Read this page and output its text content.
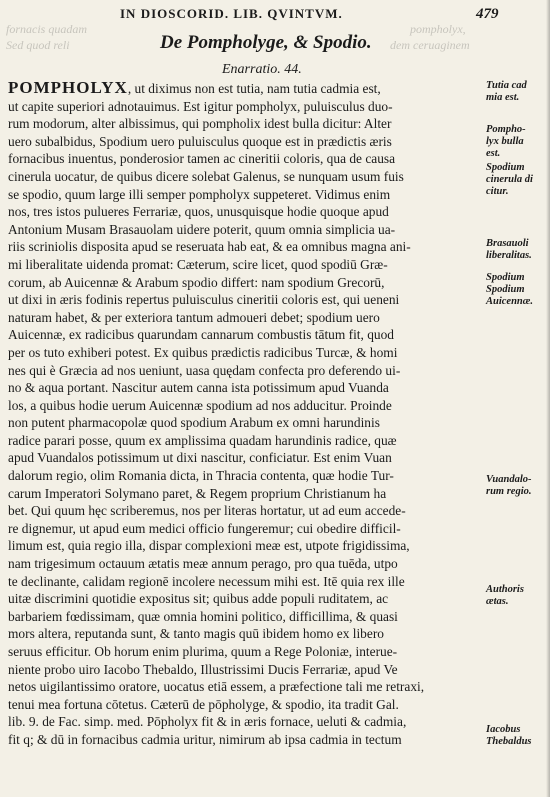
fornacis quadam
Sed quod reli
pompholyx,
dem ceruaginem
IN DIOSCORID. LIB. QVINTVM.	479
De Pompholyge, & Spodio.
Enarratio. 44.
POMPHOLYX, ut diximus non est tutia, nam tutia cadmia est,
ut capite superiori adnotauimus. Est igitur pompholyx, puluisculus duo-
rum modorum, alter albissimus, qui pompholix idest bulla dicitur: Alter
uero subalbidus, Spodium uero puluisculus quoque est in prædictis æris
fornacibus inuentus, ponderosior tamen ac cineritii coloris, qua de causa
cinerula uocatur, de quibus dicere solebat Galenus, se nunquam usum fuis
se spodio, quum large illi semper pompholyx suppeteret. Vidimus enim
nos, tres istos pulueres Ferrariæ, quos, unusquisque hodie quoque apud
Antonium Musam Brasauolam uidere poterit, quum omnia simplicia ua-
riis scriniolis disposita apud se reseruata hab eat, & ea omnibus magna ani-
mi liberalitate uidenda promat: Cæterum, scire licet, quod spodiū Græ-
corum, ab Auicennæ & Arabum spodio differt: nam spodium Grecorū,
ut dixi in æris fodinis repertus puluisculus cineritii coloris est, qui ueneni
naturam habet, & per exteriora tantum admoueri debet; spodium uero
Auicennæ, ex radicibus quarundam cannarum combustis tātum fit, quod
per os tuto exhiberi potest. Ex quibus prædictis radicibus Turcæ, & homi
nes qui è Græcia ad nos ueniunt, uasa quędam confecta pro deferendo ui-
no & aqua portant. Nascitur autem canna ista potissimum apud Vuanda
los, a quibus hodie uerum Auicennæ spodium ad nos adducitur. Proinde
non putent pharmacopolæ quod spodium Arabum ex omni harundinis
radice parari posse, quum ex amplissima quadam harundinis radice, quæ
apud Vuandalos potissimum ut dixi nascitur, conficiatur. Est enim Vuan
dalorum regio, olim Romania dicta, in Thracia contenta, quæ hodie Tur-
carum Imperatori Solymano paret, & Regem proprium Christianum ha
bet. Qui quum hęc scriberemus, nos per literas hortatur, ut ad eum accede-
re dignemur, ut apud eum medici officio fungeremur; cui obedire difficil-
limum est, quia regio illa, dispar complexioni meæ est, utpote frigidissima,
nam trigesimum octauum ætatis meæ annum perago, pro qua tuēda, utpo
te declinante, calidam regionē incolere necessum mihi est. Itē quia rex ille
uitæ discrimini quotidie expositus sit; quibus adde populi ruditatem, ac
barbariem fœdissimam, quæ omnia homini politico, difficillima, & quasi
mors altera, reputanda sunt, & tanto magis quū ibidem homo ex libero
seruus efficitur. Ob horum enim plurima, quum a Rege Poloniæ, interue-
niente probo uiro Iacobo Thebaldo, Illustrissimi Ducis Ferrariæ, apud Ve
netos uigilantissimo oratore, uocatus etiā essem, a præfectione tali me retraxi,
tenui mea fortuna cōtetus. Cæterū de pōpholyge, & spodio, ita tradit Gal.
lib. 9. de Fac. simp. med. Pōpholyx fit & in æris fornace, ueluti & cadmia,
fit q; & dū in fornacibus cadmia uritur, nimirum ab ipsa cadmia in tectum
Tutia cad
mia est.
Pompho-
lyx bulla
est.
Spodium
cinerula di
citur.
Brasauoli
liberalitas.
Spodium
Spodium
Auicennæ.
Vuandalo-
rum regio.
Authoris
ætas.
Iacobus
Thebaldus
